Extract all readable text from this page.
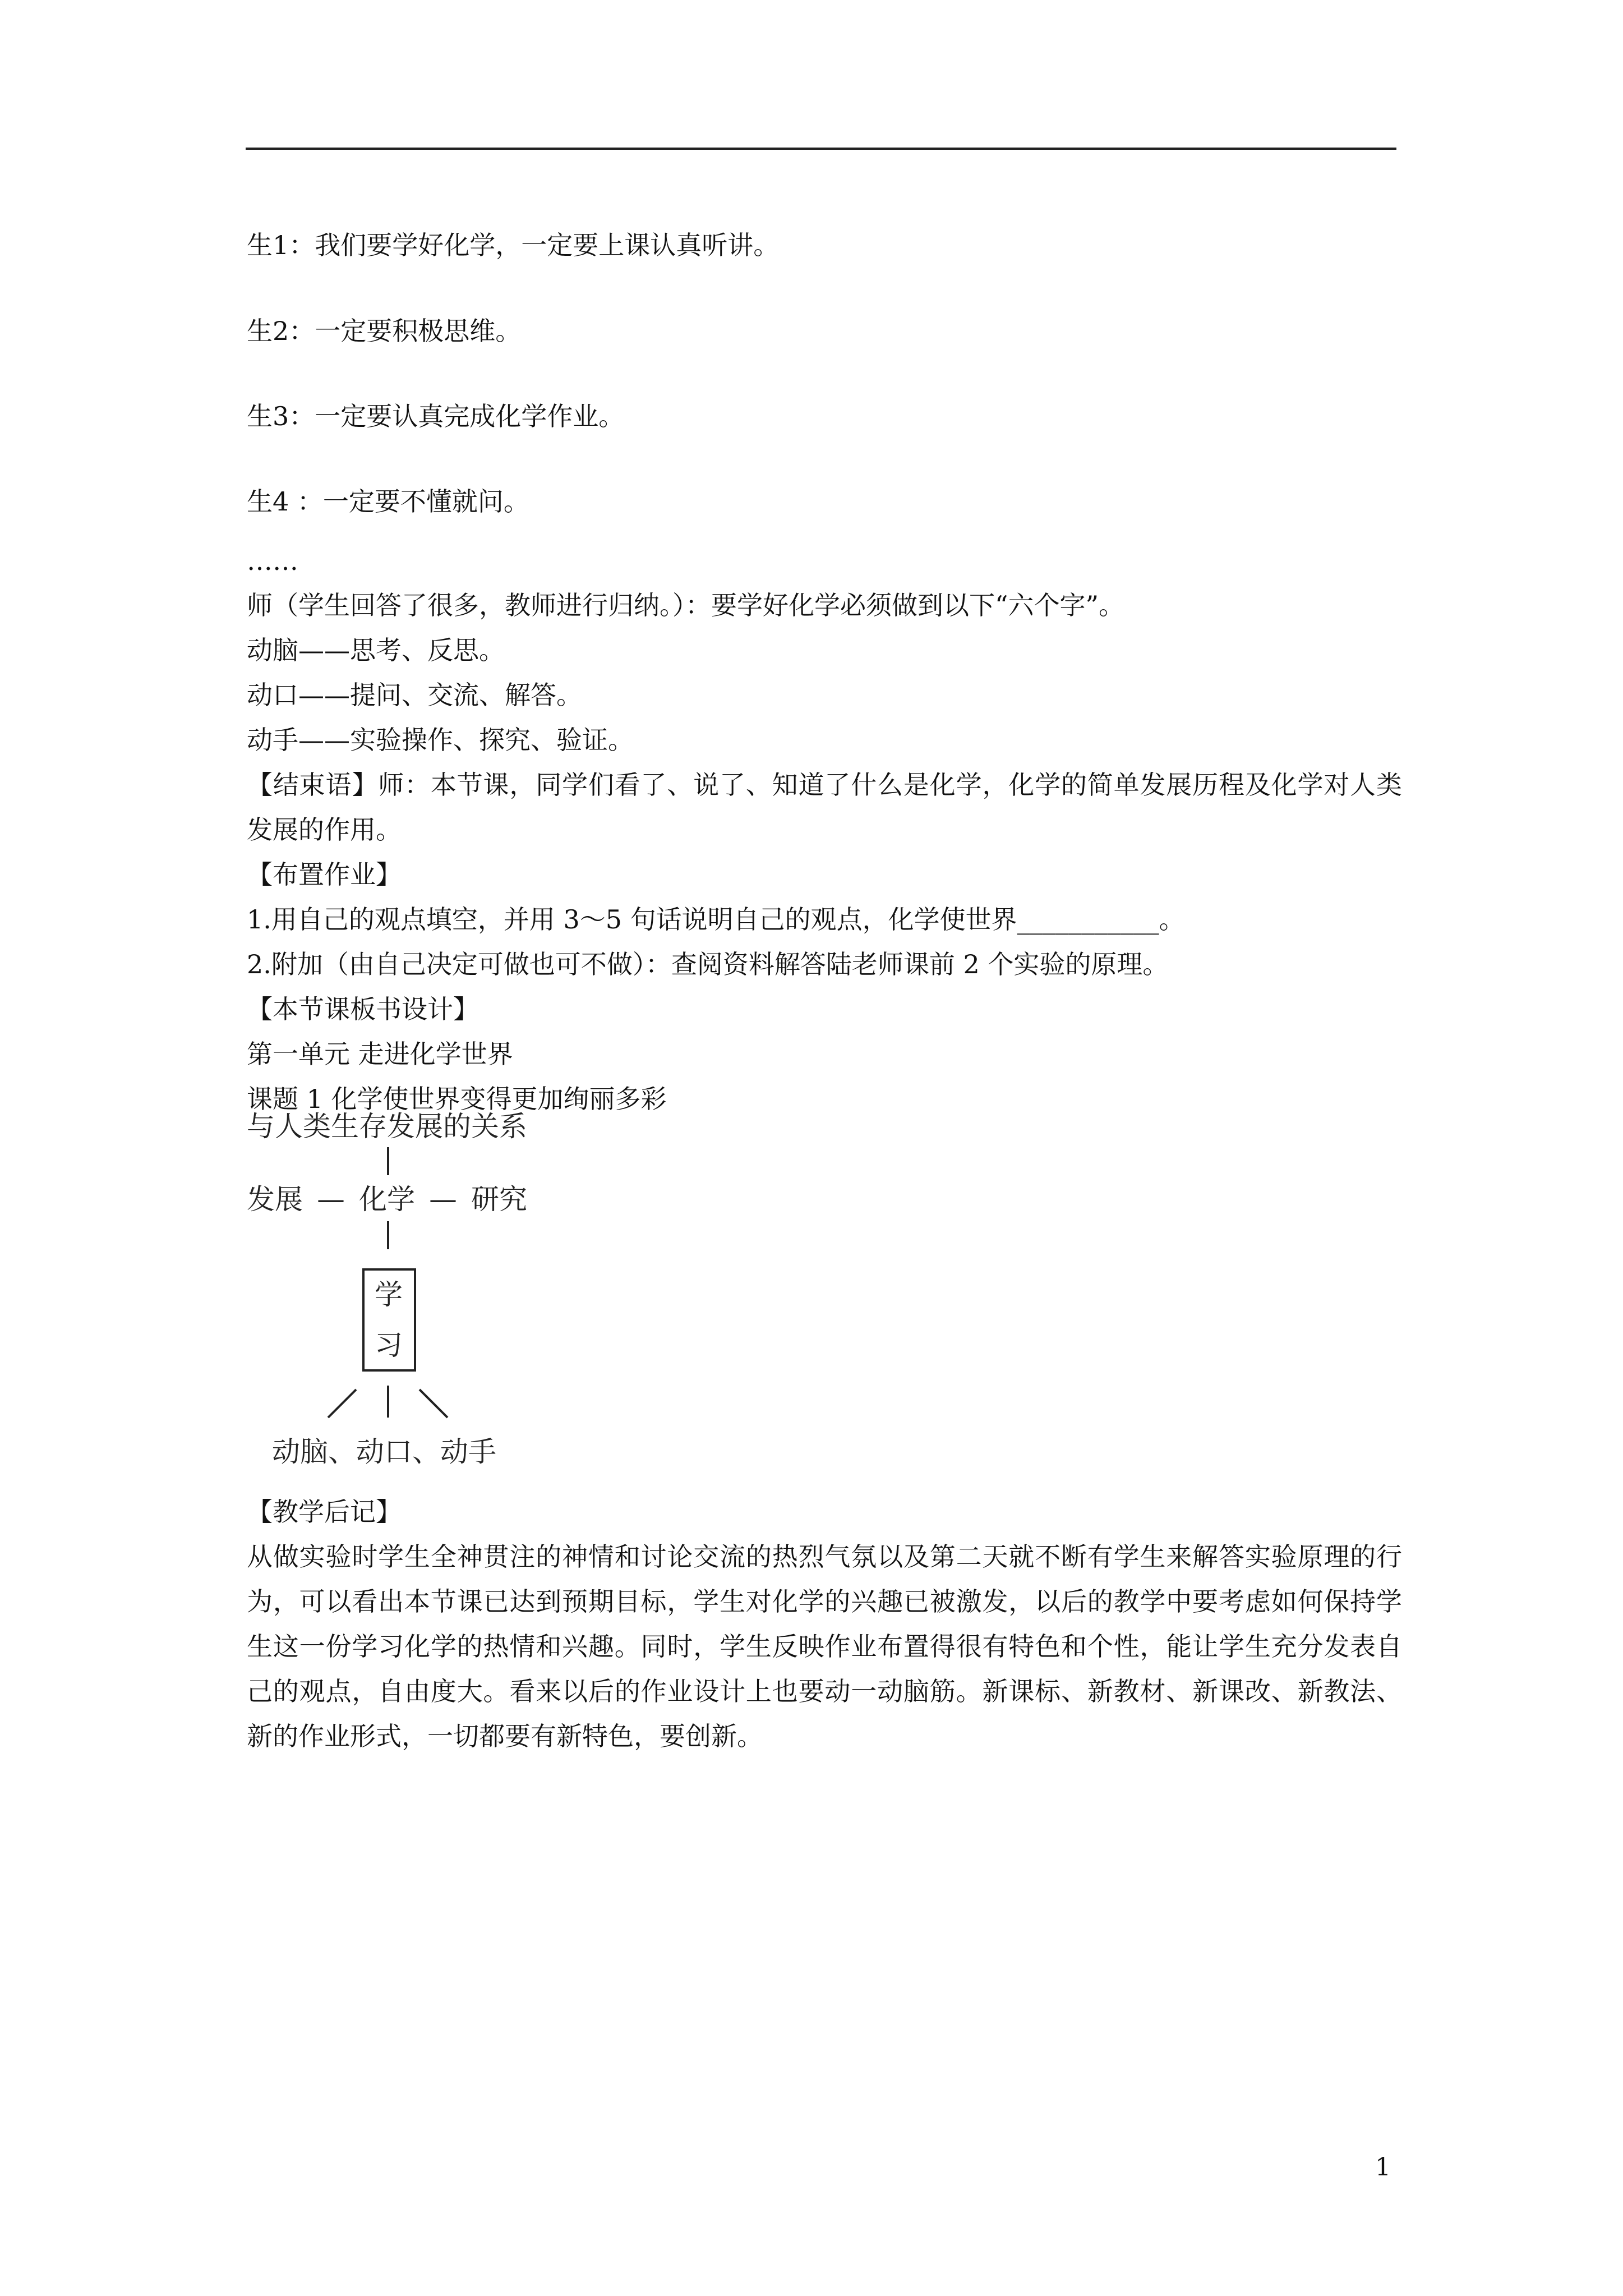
生1：我们要学好化学，一定要上课认真听讲。
生2：一定要积极思维。
生3：一定要认真完成化学作业。
生4 ：一定要不懂就问。
……
师（学生回答了很多，教师进行归纳。）：要学好化学必须做到以下“六个字”。
动脑——思考、反思。
动口——提问、交流、解答。
动手——实验操作、探究、验证。
【结束语】师：本节课，同学们看了、说了、知道了什么是化学，化学的简单发展历程及化学对人类发展的作用。
【布置作业】
1.用自己的观点填空，并用 3～5 句话说明自己的观点，化学使世界___________。
2.附加（由自己决定可做也可不做）：查阅资料解答陆老师课前 2 个实验的原理。
【本节课板书设计】
第一单元 走进化学世界
课题 1 化学使世界变得更加绚丽多彩
与人类生存发展的关系
发展 — 化学 — 研究
学
习
动脑、动口、动手
【教学后记】
从做实验时学生全神贯注的神情和讨论交流的热烈气氛以及第二天就不断有学生来解答实验原理的行为，可以看出本节课已达到预期目标，学生对化学的兴趣已被激发，以后的教学中要考虑如何保持学生这一份学习化学的热情和兴趣。同时，学生反映作业布置得很有特色和个性，能让学生充分发表自己的观点，自由度大。看来以后的作业设计上也要动一动脑筋。新课标、新教材、新课改、新教法、新的作业形式，一切都要有新特色，要创新。
1
